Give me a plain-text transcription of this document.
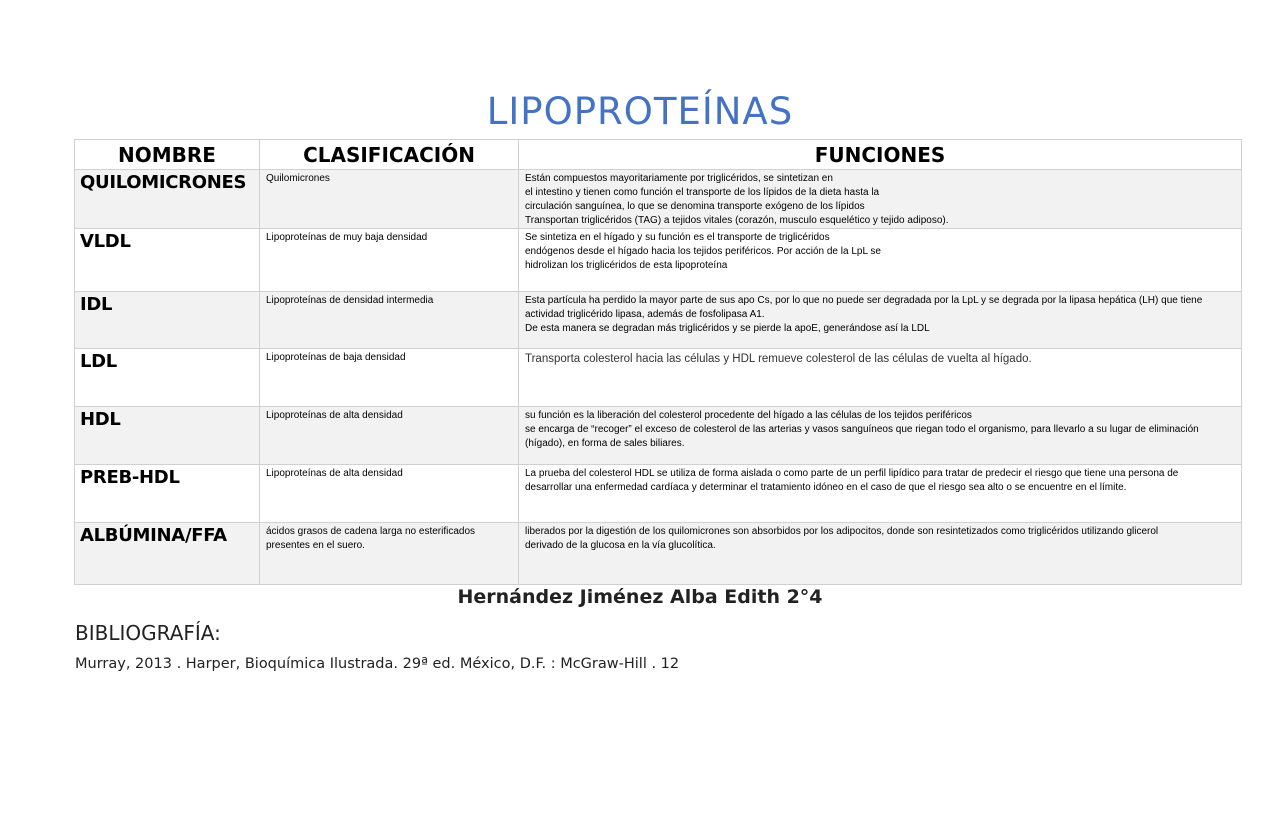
LIPOPROTEÍNAS
NOMBRE	CLASIFICACIÓN	FUNCIONES
QUILOMICRONES	Quilomicrones	Están compuestos mayoritariamente por triglicéridos, se sintetizan en
el intestino y tienen como función el transporte de los lípidos de la dieta hasta la
circulación sanguínea, lo que se denomina transporte exógeno de los lípidos
Transportan triglicéridos (TAG) a tejidos vitales (corazón, musculo esquelético y tejido adiposo).

VLDL	Lipoproteínas de muy baja densidad	Se sintetiza en el hígado y su función es el transporte de triglicéridos
endógenos desde el hígado hacia los tejidos periféricos. Por acción de la LpL se
hidrolizan los triglicéridos de esta lipoproteína

IDL	Lipoproteínas de densidad intermedia	Esta partícula ha perdido la mayor parte de sus apo Cs, por lo que no puede ser degradada por la LpL y se degrada por la lipasa hepática (LH) que tiene
actividad triglicérido lipasa, además de fosfolipasa A1.
De esta manera se degradan más triglicéridos y se pierde la apoE, generándose así la LDL

LDL	Lipoproteínas de baja densidad	Transporta colesterol hacia las células y HDL remueve colesterol de las células de vuelta al hígado.

HDL	Lipoproteínas de alta densidad	su función es la liberación del colesterol procedente del hígado a las células de los tejidos periféricos
se encarga de “recoger” el exceso de colesterol de las arterias y vasos sanguíneos que riegan todo el organismo, para llevarlo a su lugar de eliminación
(hígado), en forma de sales biliares.

PREB-HDL	Lipoproteínas de alta densidad	La prueba del colesterol HDL se utiliza de forma aislada o como parte de un perfil lipídico para tratar de predecir el riesgo que tiene una persona de
desarrollar una enfermedad cardíaca y determinar el tratamiento idóneo en el caso de que el riesgo sea alto o se encuentre en el límite.

ALBÚMINA/FFA	ácidos grasos de cadena larga no esterificados presentes en el suero.	liberados por la digestión de los quilomicrones son absorbidos por los adipocitos, donde son resintetizados como triglicéridos utilizando glicerol
derivado de la glucosa en la vía glucolítica.
Hernández Jiménez Alba Edith 2°4
BIBLIOGRAFÍA:
Murray, 2013 . Harper, Bioquímica Ilustrada. 29ª ed. México, D.F. : McGraw-Hill . 12
